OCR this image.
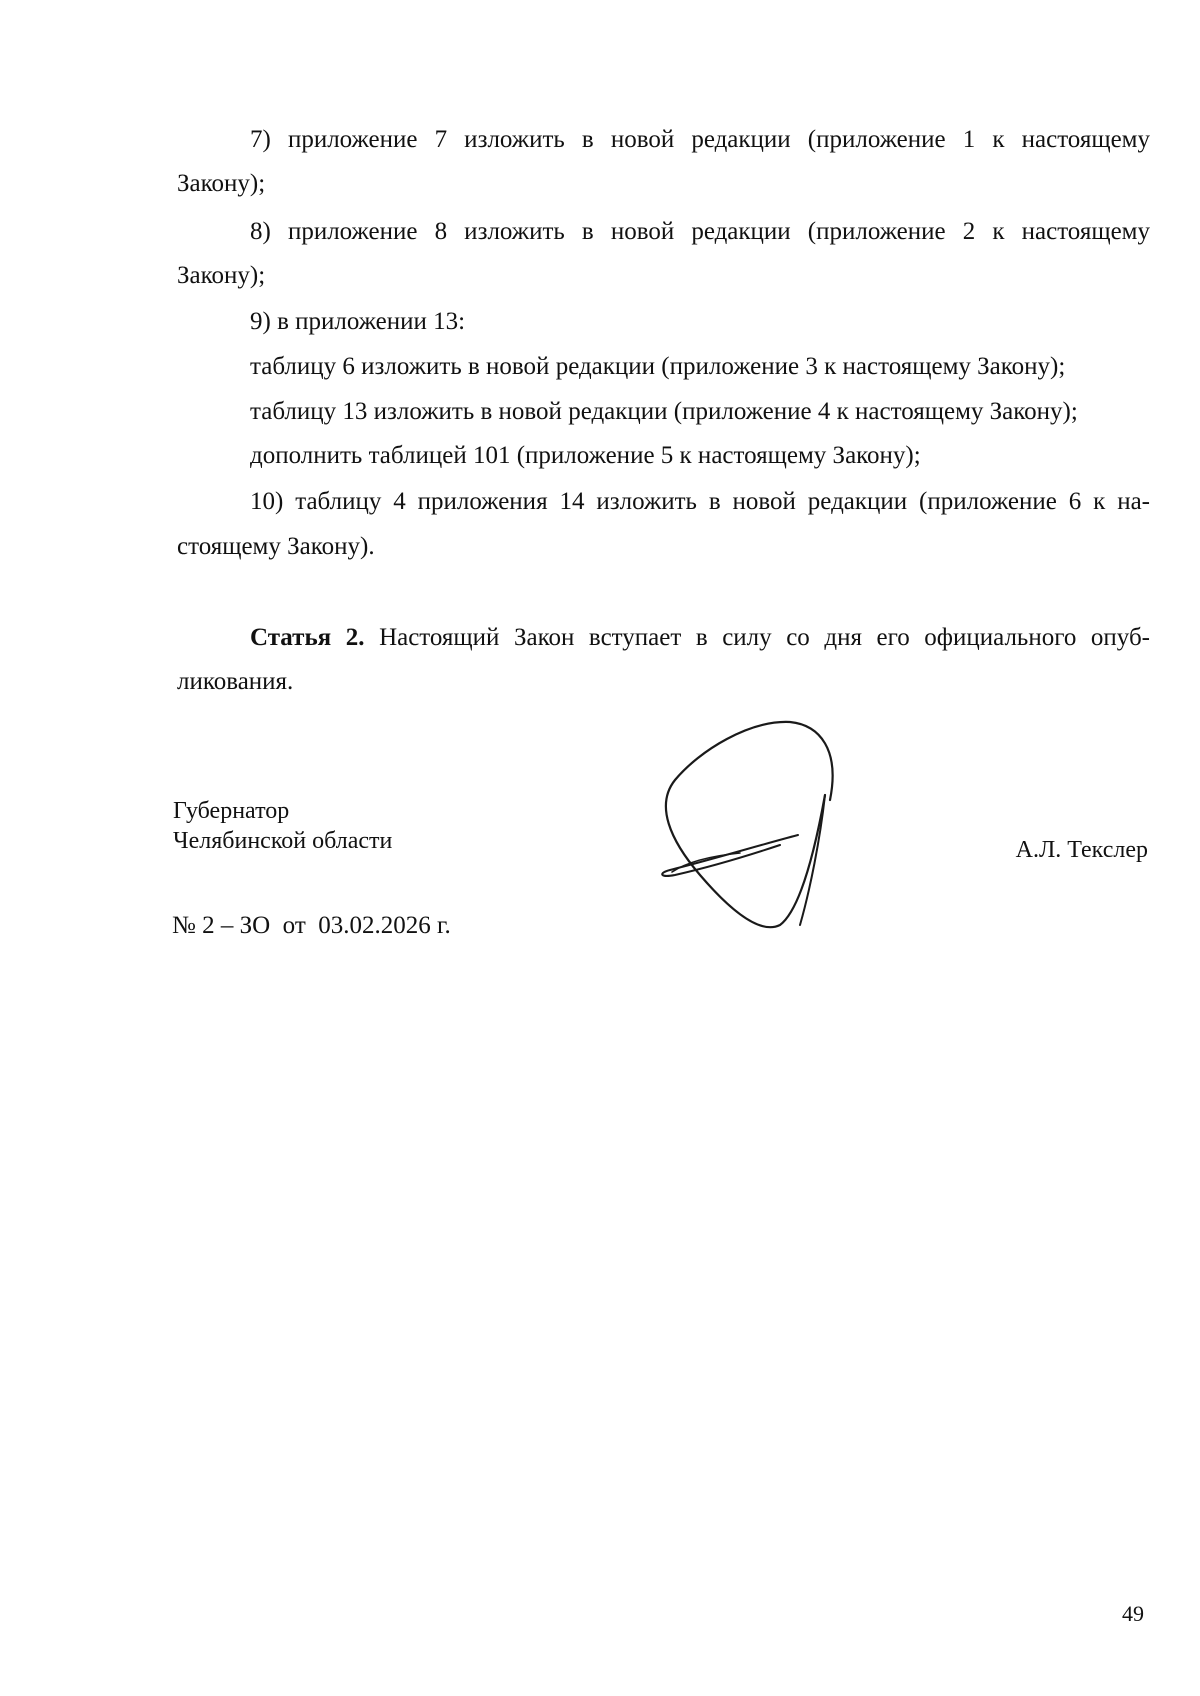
7) приложение 7 изложить в новой редакции (приложение 1 к настоящему
Закону);
8) приложение 8 изложить в новой редакции (приложение 2 к настоящему
Закону);
9) в приложении 13:
таблицу 6 изложить в новой редакции (приложение 3 к настоящему Закону);
таблицу 13 изложить в новой редакции (приложение 4 к настоящему Закону);
дополнить таблицей 101 (приложение 5 к настоящему Закону);
10) таблицу 4 приложения 14 изложить в новой редакции (приложение 6 к на-
стоящему Закону).
Статья 2. Настоящий Закон вступает в силу со дня его официального опуб-
ликования.
Губернатор
Челябинской области	А.Л. Текслер
№ 2 – ЗО  от  03.02.2026 г.
49
